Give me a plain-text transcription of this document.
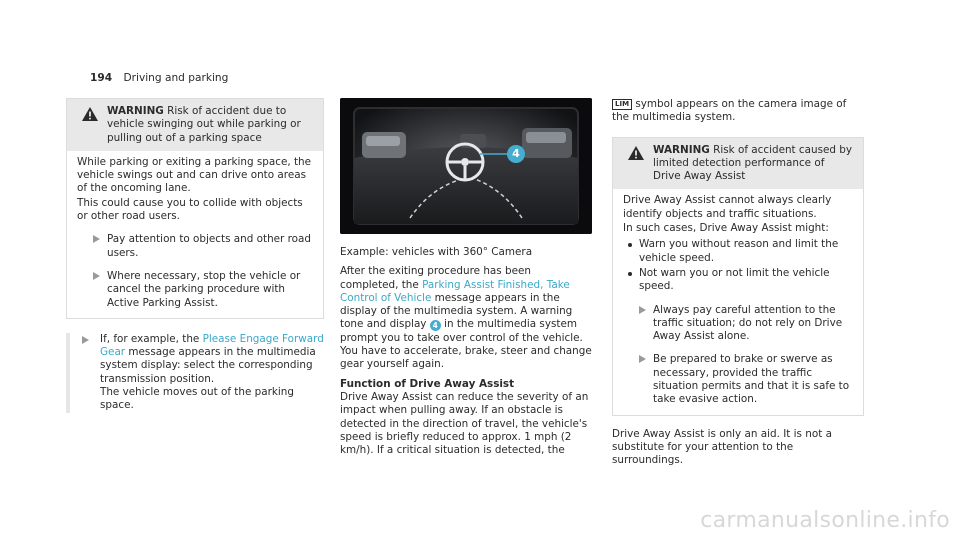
194 Driving and parking
WARNING Risk of accident due to vehicle swinging out while parking or pulling out of a parking space

While parking or exiting a parking space, the vehicle swings out and can drive onto areas of the oncoming lane.

This could cause you to collide with objects or other road users.

Pay attention to objects and other road users.
Where necessary, stop the vehicle or cancel the parking procedure with Active Parking Assist.
If, for example, the Please Engage Forward Gear message appears in the multimedia system display: select the corresponding transmission position.
The vehicle moves out of the parking space.
4

Example: vehicles with 360° Camera

After the exiting procedure has been completed, the Parking Assist Finished, Take Control of Vehicle message appears in the display of the multimedia system. A warning tone and display 4 in the multimedia system prompt you to take over control of the vehicle. You have to accelerate, brake, steer and change gear yourself again.

Function of Drive Away Assist

Drive Away Assist can reduce the severity of an impact when pulling away. If an obstacle is detected in the direction of travel, the vehicle's speed is briefly reduced to approx. 1 mph (2 km/h). If a critical situation is detected, the

LIM symbol appears on the camera image of the multimedia system.

WARNING Risk of accident caused by limited detection performance of Drive Away Assist

Drive Away Assist cannot always clearly identify objects and traffic situations.

In such cases, Drive Away Assist might:

Warn you without reason and limit the vehicle speed.
Not warn you or not limit the vehicle speed.
Always pay careful attention to the traffic situation; do not rely on Drive Away Assist alone.
Be prepared to brake or swerve as necessary, provided the traffic situation permits and that it is safe to take evasive action.

Drive Away Assist is only an aid. It is not a substitute for your attention to the surroundings.

carmanualsonline.info
